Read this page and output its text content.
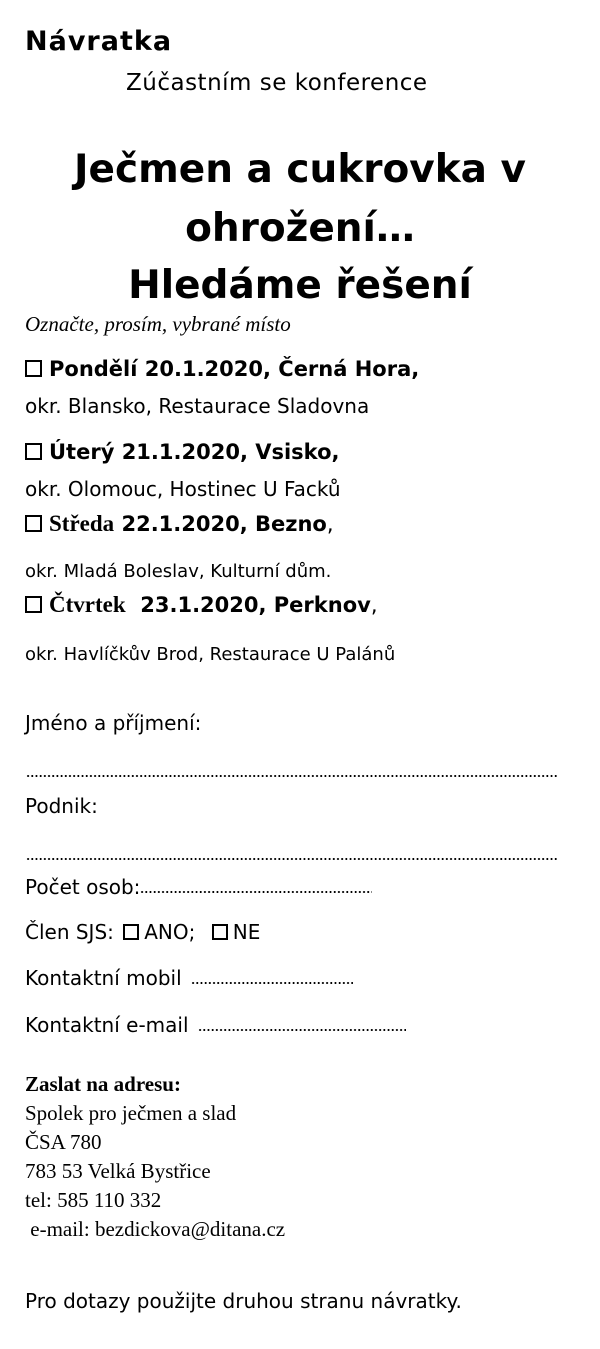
Návratka
Zúčastním se konference
Ječmen a cukrovka v
ohrožení…
Hledáme řešení
Označte, prosím, vybrané místo
Pondělí 20.1.2020, Černá Hora,
okr. Blansko, Restaurace Sladovna
Úterý 21.1.2020, Vsisko,
okr. Olomouc, Hostinec U Facků
Středa 22.1.2020, Bezno,
okr. Mladá Boleslav, Kulturní dům.
Čtvrtek  23.1.2020, Perknov,
okr. Havlíčkův Brod, Restaurace U Palánů
Jméno a příjmení:
Podnik:
Počet osob:
Člen SJS: ANO; NE
Kontaktní mobil
Kontaktní e-mail
Zaslat na adresu:
Spolek pro ječmen a slad
ČSA 780
783 53 Velká Bystřice
tel: 585 110 332
e-mail: bezdickova@ditana.cz
Pro dotazy použijte druhou stranu návratky.
